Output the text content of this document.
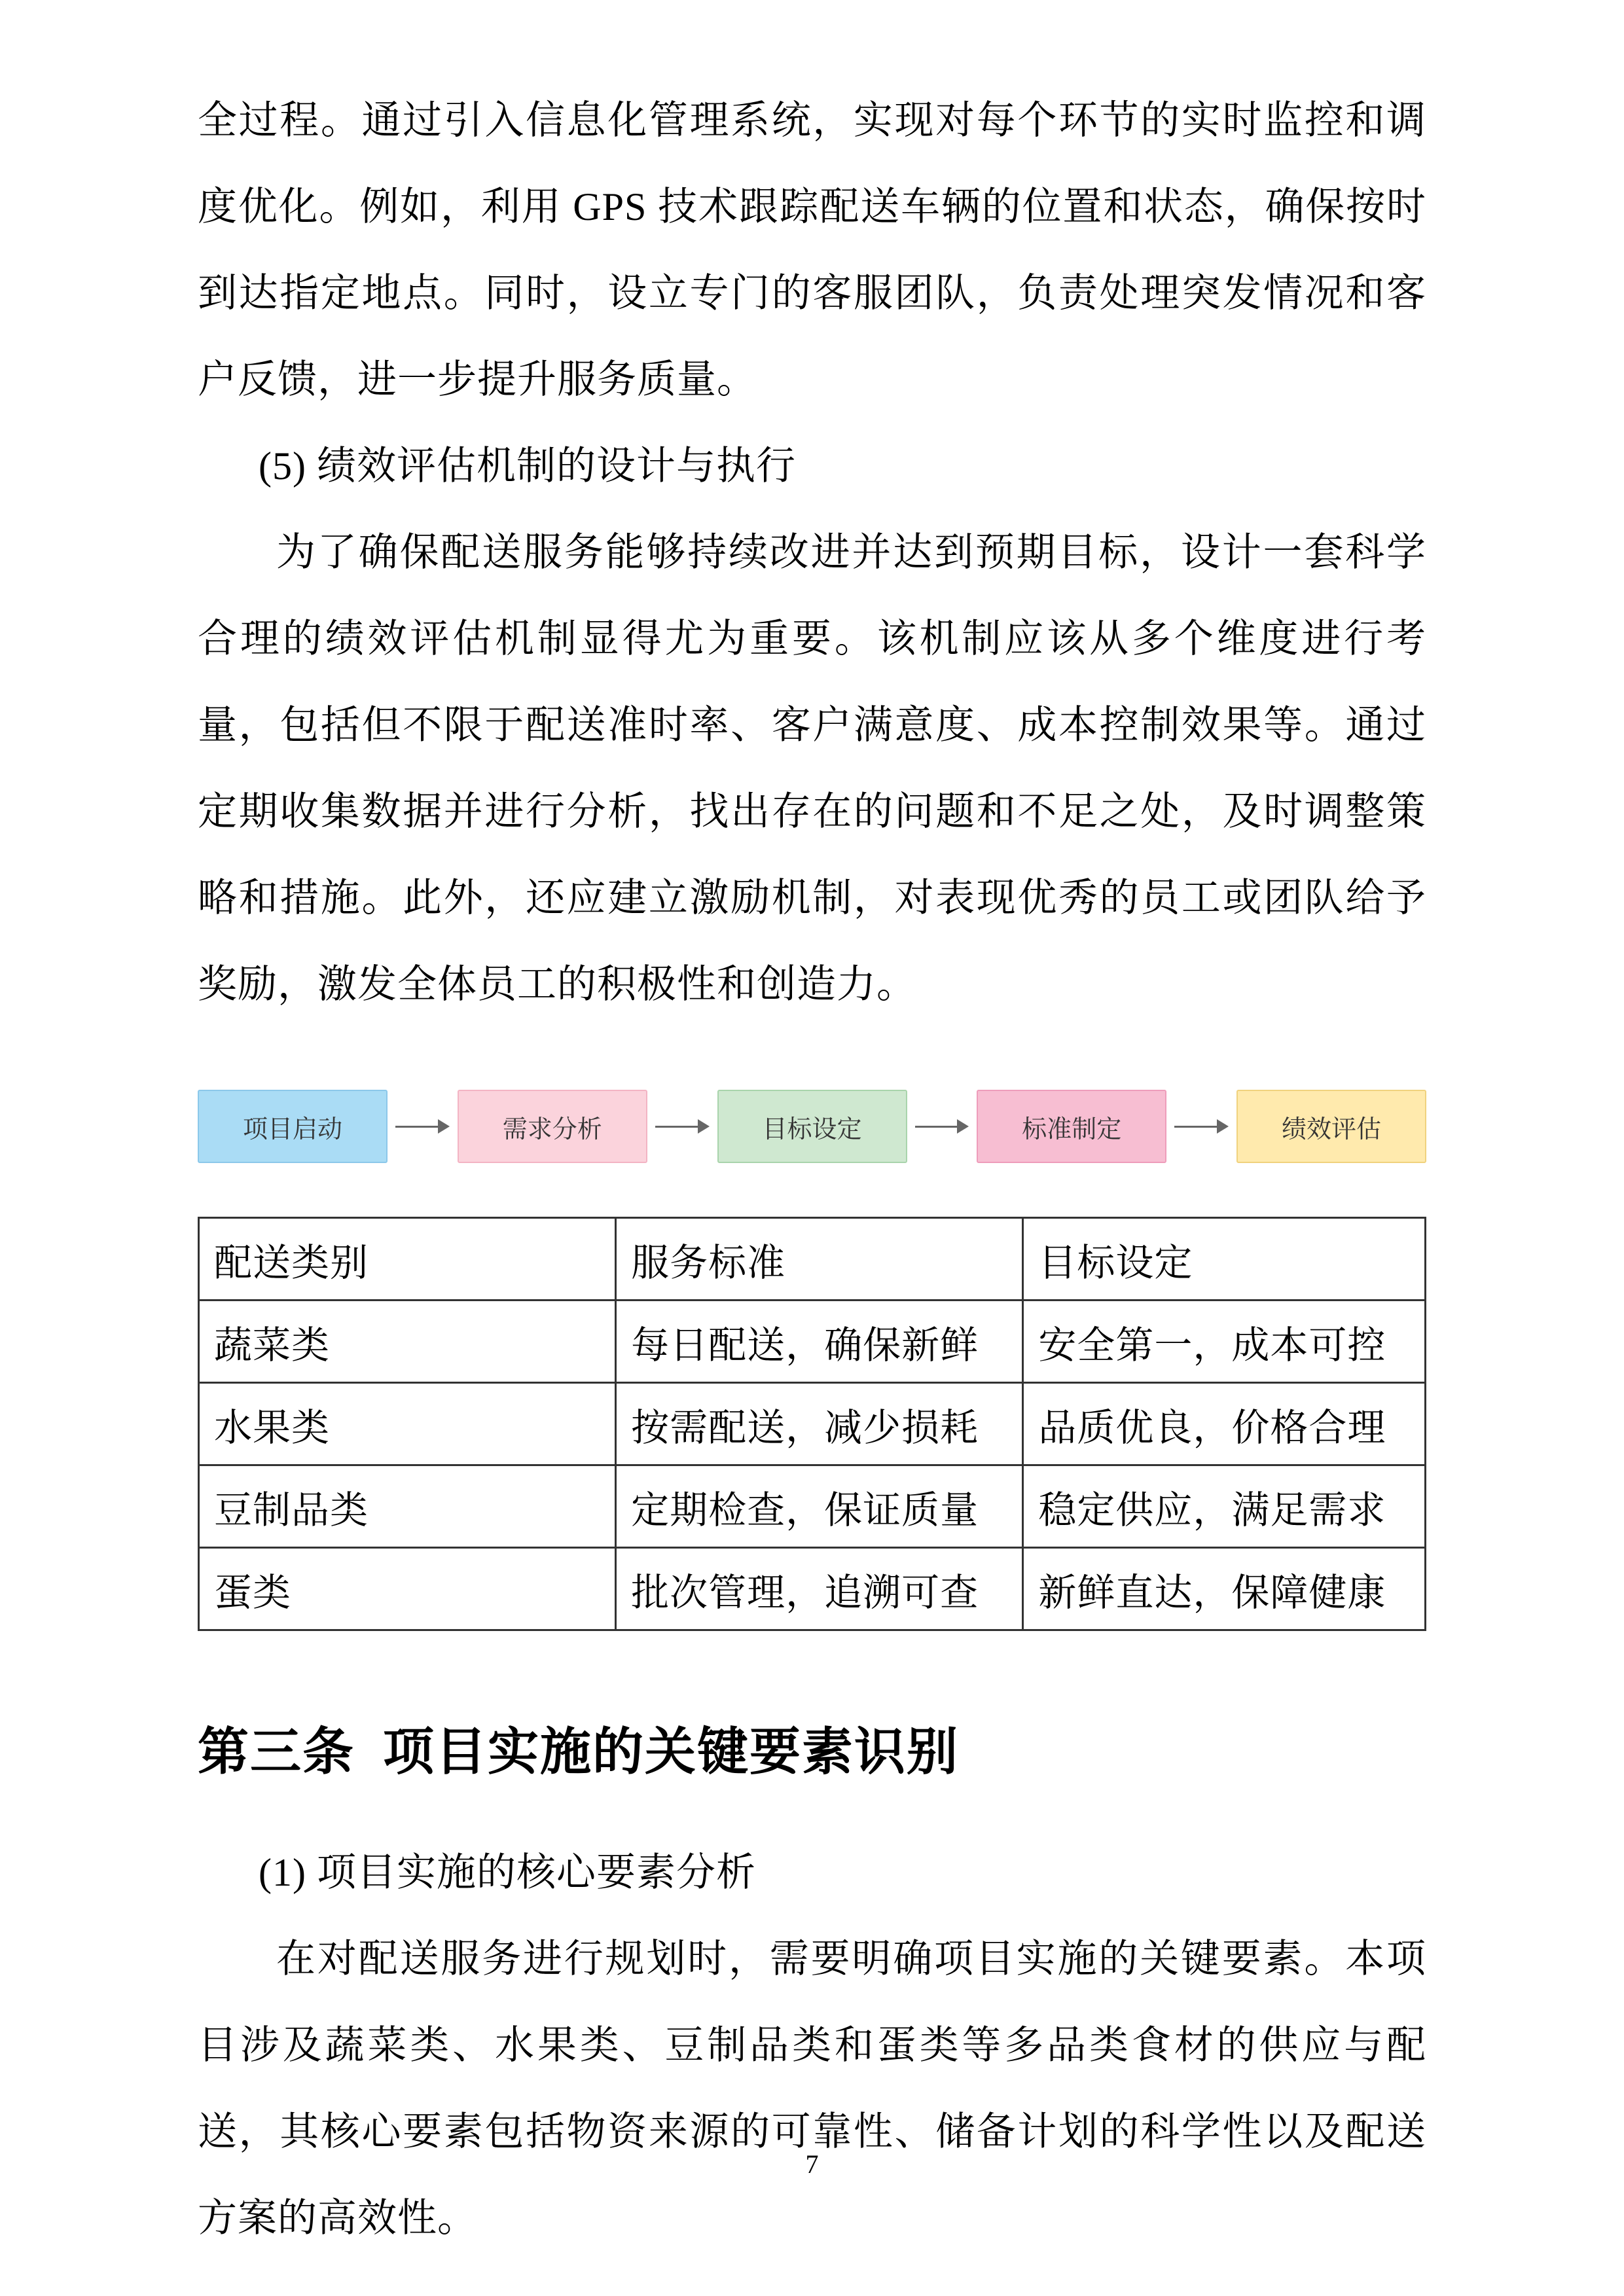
全过程。通过引入信息化管理系统，实现对每个环节的实时监控和调度优化。例如，利用 GPS 技术跟踪配送车辆的位置和状态，确保按时到达指定地点。同时，设立专门的客服团队，负责处理突发情况和客户反馈，进一步提升服务质量。

(5) 绩效评估机制的设计与执行

为了确保配送服务能够持续改进并达到预期目标，设计一套科学合理的绩效评估机制显得尤为重要。该机制应该从多个维度进行考量，包括但不限于配送准时率、客户满意度、成本控制效果等。通过定期收集数据并进行分析，找出存在的问题和不足之处，及时调整策略和措施。此外，还应建立激励机制，对表现优秀的员工或团队给予奖励，激发全体员工的积极性和创造力。

项目启动	需求分析	目标设定	标准制定	绩效评估
配送类别	服务标准	目标设定
蔬菜类	每日配送，确保新鲜	安全第一，成本可控
水果类	按需配送，减少损耗	品质优良，价格合理
豆制品类	定期检查，保证质量	稳定供应，满足需求
蛋类	批次管理，追溯可查	新鲜直达，保障健康
第三条  项目实施的关键要素识别

(1) 项目实施的核心要素分析

在对配送服务进行规划时，需要明确项目实施的关键要素。本项目涉及蔬菜类、水果类、豆制品类和蛋类等多品类食材的供应与配送，其核心要素包括物资来源的可靠性、储备计划的科学性以及配送方案的高效性。

7
